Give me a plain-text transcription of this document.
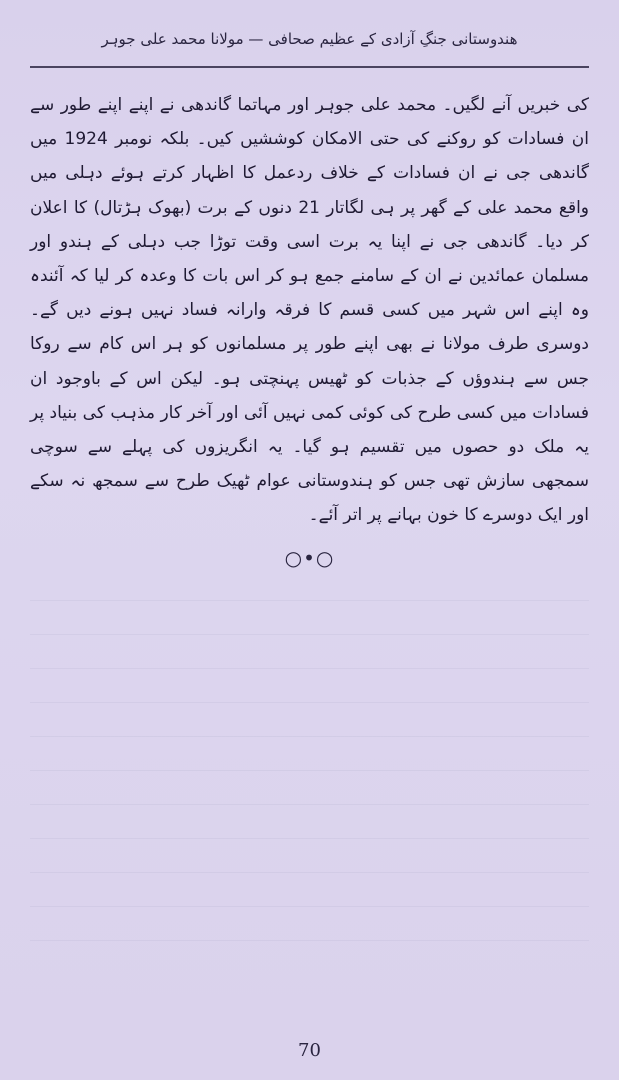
ھندوستانی جنگِ آزادی کے عظیم صحافی — مولانا محمد علی جوہر

کی خبریں آنے لگیں۔ محمد علی جوہر اور مہاتما گاندھی نے اپنے اپنے طور سے ان فسادات کو روکنے کی حتی الامکان کوششیں کیں۔ بلکہ نومبر 1924 میں گاندھی جی نے ان فسادات کے خلاف ردعمل کا اظہار کرتے ہوئے دہلی میں واقع محمد علی کے گھر پر ہی لگاتار 21 دنوں کے برت (بھوک ہڑتال) کا اعلان کر دیا۔ گاندھی جی نے اپنا یہ برت اسی وقت توڑا جب دہلی کے ہندو اور مسلمان عمائدین نے ان کے سامنے جمع ہو کر اس بات کا وعدہ کر لیا کہ آئندہ وہ اپنے اس شہر میں کسی قسم کا فرقہ وارانہ فساد نہیں ہونے دیں گے۔ دوسری طرف مولانا نے بھی اپنے طور پر مسلمانوں کو ہر اس کام سے روکا جس سے ہندوؤں کے جذبات کو ٹھیس پہنچتی ہو۔ لیکن اس کے باوجود ان فسادات میں کسی طرح کی کوئی کمی نہیں آئی اور آخر کار مذہب کی بنیاد پر یہ ملک دو حصوں میں تقسیم ہو گیا۔ یہ انگریزوں کی پہلے سے سوچی سمجھی سازش تھی جس کو ہندوستانی عوام ٹھیک طرح سے سمجھ نہ سکے اور ایک دوسرے کا خون بہانے پر اتر آئے۔

○•○
70
